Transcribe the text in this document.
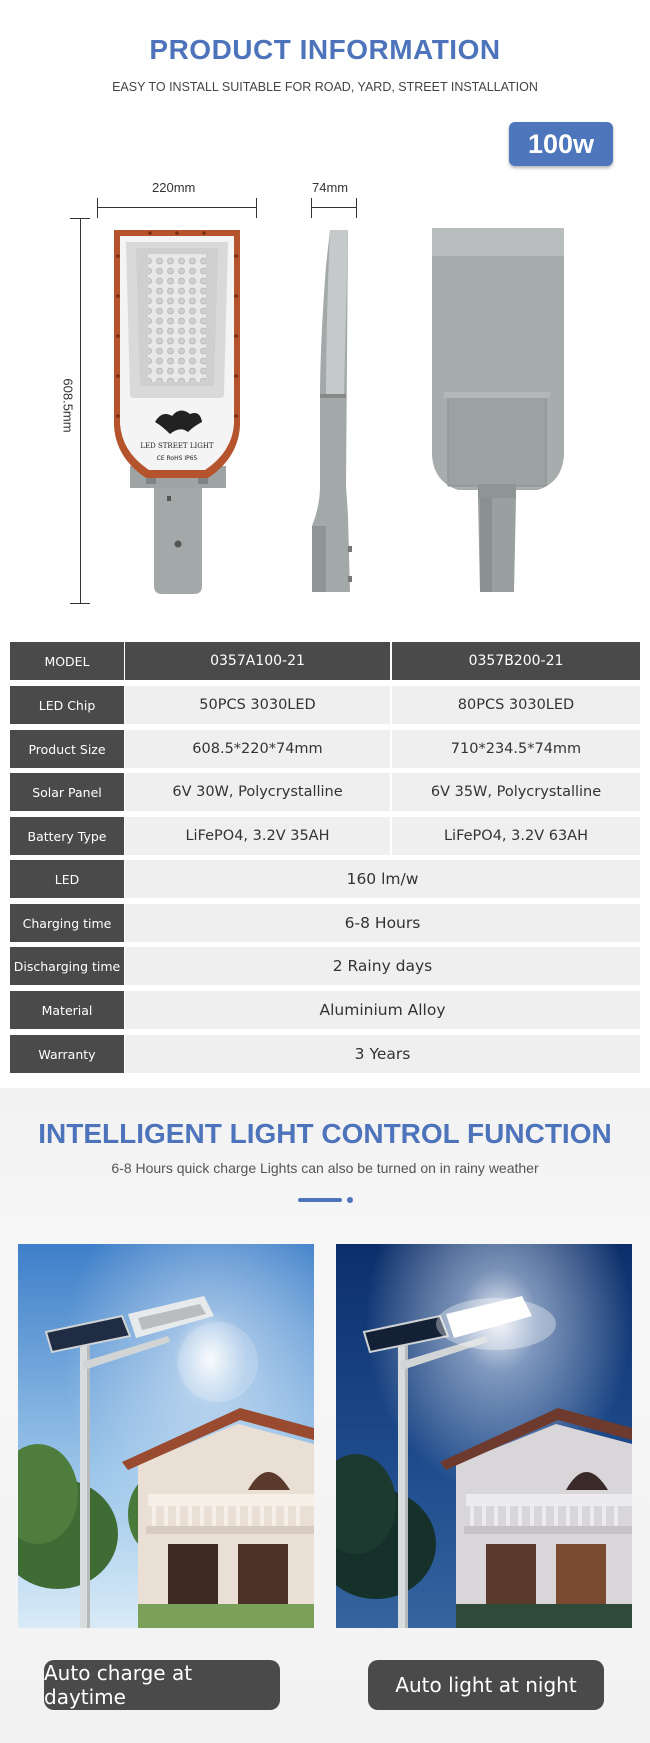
PRODUCT INFORMATION
EASY TO INSTALL SUITABLE FOR ROAD, YARD, STREET INSTALLATION
100w
220mm	74mm
608.5mm
LED STREET LIGHT
CE RoHS IP65
MODEL	0357A100-21	0357B200-21
LED Chip	50PCS 3030LED	80PCS 3030LED
Product Size	608.5*220*74mm	710*234.5*74mm
Solar Panel	6V 30W, Polycrystalline	6V 35W, Polycrystalline
Battery Type	LiFePO4, 3.2V 35AH	LiFePO4, 3.2V 63AH
LED	160 lm/w
Charging time	6-8 Hours
Discharging time	2 Rainy days
Material	Aluminium Alloy
Warranty	3 Years
INTELLIGENT LIGHT CONTROL FUNCTION
6-8 Hours quick charge Lights can also be turned on in rainy weather
Auto charge at daytime	Auto light at night
